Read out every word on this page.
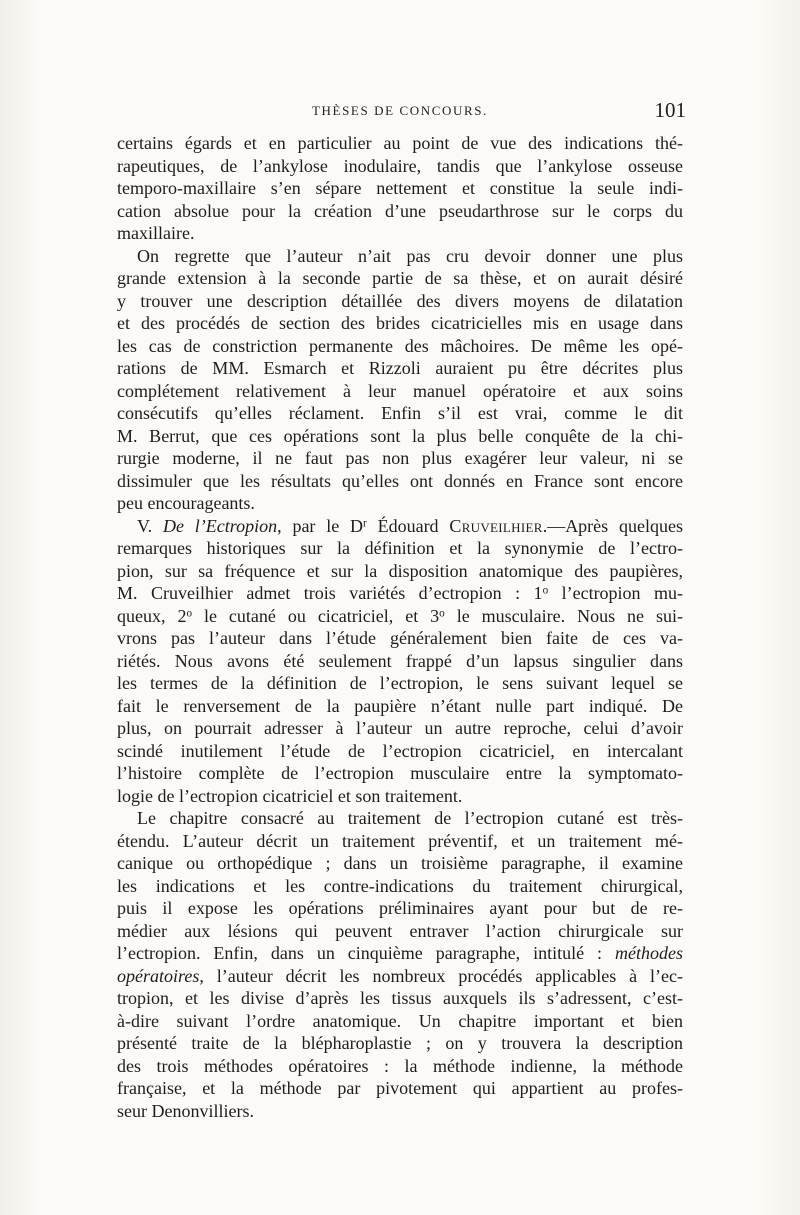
THÈSES DE CONCOURS.	101
certains égards et en particulier au point de vue des indications thé-
rapeutiques, de l’ankylose inodulaire, tandis que l’ankylose osseuse
temporo-maxillaire s’en sépare nettement et constitue la seule indi-
cation absolue pour la création d’une pseudarthrose sur le corps du
maxillaire.
On regrette que l’auteur n’ait pas cru devoir donner une plus
grande extension à la seconde partie de sa thèse, et on aurait désiré
y trouver une description détaillée des divers moyens de dilatation
et des procédés de section des brides cicatricielles mis en usage dans
les cas de constriction permanente des mâchoires. De même les opé-
rations de MM. Esmarch et Rizzoli auraient pu être décrites plus
complétement relativement à leur manuel opératoire et aux soins
consécutifs qu’elles réclament. Enfin s’il est vrai, comme le dit
M. Berrut, que ces opérations sont la plus belle conquête de la chi-
rurgie moderne, il ne faut pas non plus exagérer leur valeur, ni se
dissimuler que les résultats qu’elles ont donnés en France sont encore
peu encourageants.
V. De l’Ectropion, par le $D^r$ Édouard Cruveilhier.—Après quelques
remarques historiques sur la définition et la synonymie de l’ectro-
pion, sur sa fréquence et sur la disposition anatomique des paupières,
M. Cruveilhier admet trois variétés d’ectropion : 1$^o$ l’ectropion mu-
queux, 2$^o$ le cutané ou cicatriciel, et 3$^o$ le musculaire. Nous ne sui-
vrons pas l’auteur dans l’étude généralement bien faite de ces va-
riétés. Nous avons été seulement frappé d’un lapsus singulier dans
les termes de la définition de l’ectropion, le sens suivant lequel se
fait le renversement de la paupière n’étant nulle part indiqué. De
plus, on pourrait adresser à l’auteur un autre reproche, celui d’avoir
scindé inutilement l’étude de l’ectropion cicatriciel, en intercalant
l’histoire complète de l’ectropion musculaire entre la symptomato-
logie de l’ectropion cicatriciel et son traitement.
Le chapitre consacré au traitement de l’ectropion cutané est très-
étendu. L’auteur décrit un traitement préventif, et un traitement mé-
canique ou orthopédique ; dans un troisième paragraphe, il examine
les indications et les contre-indications du traitement chirurgical,
puis il expose les opérations préliminaires ayant pour but de re-
médier aux lésions qui peuvent entraver l’action chirurgicale sur
l’ectropion. Enfin, dans un cinquième paragraphe, intitulé : méthodes
opératoires, l’auteur décrit les nombreux procédés applicables à l’ec-
tropion, et les divise d’après les tissus auxquels ils s’adressent, c’est-
à-dire suivant l’ordre anatomique. Un chapitre important et bien
présenté traite de la blépharoplastie ; on y trouvera la description
des trois méthodes opératoires : la méthode indienne, la méthode
française, et la méthode par pivotement qui appartient au profes-
seur Denonvilliers.
